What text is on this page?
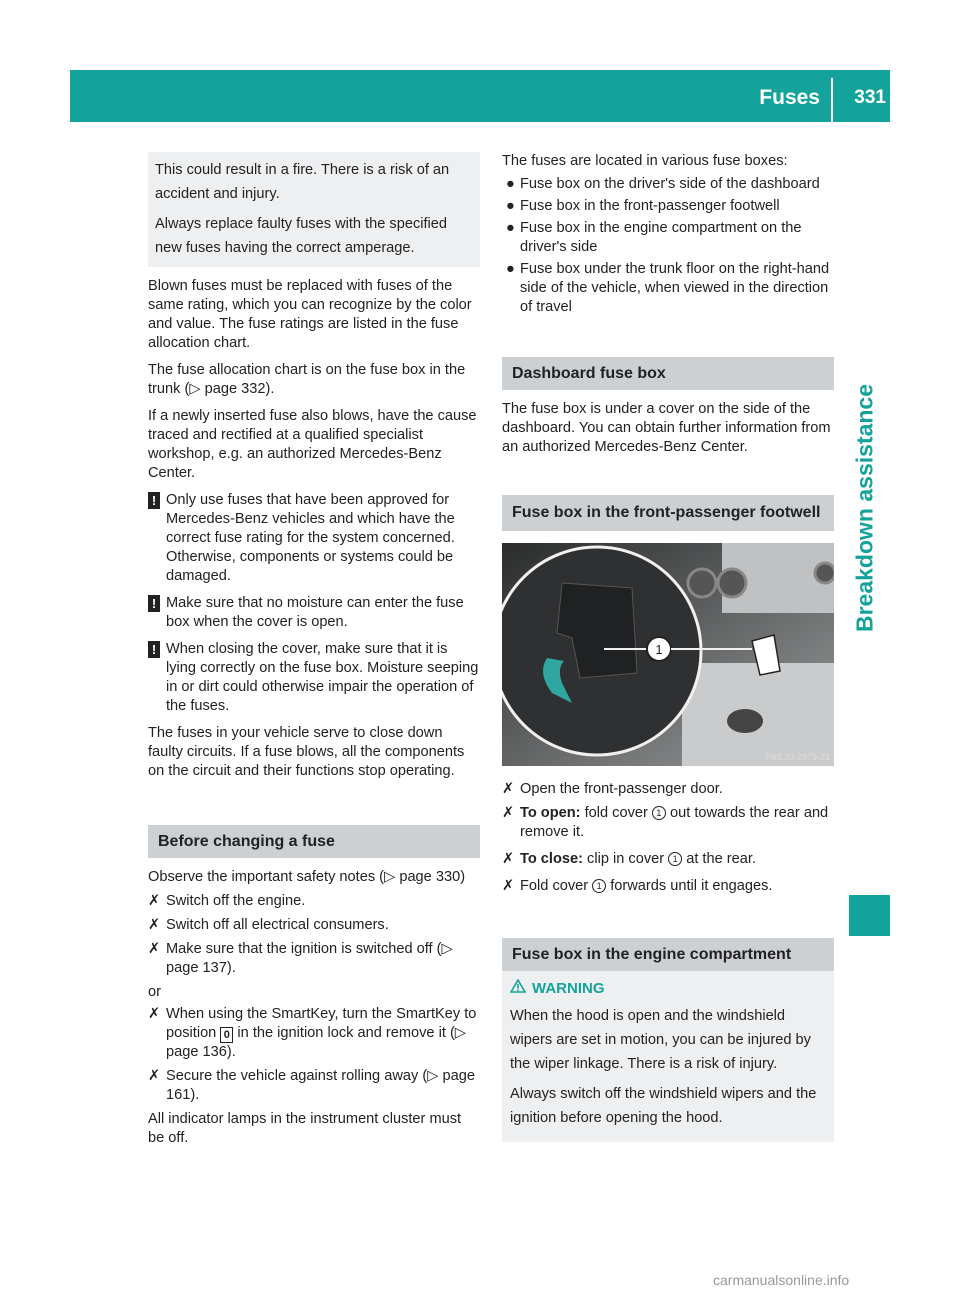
Fuses 331
Breakdown assistance

This could result in a fire. There is a risk of an accident and injury.

Always replace faulty fuses with the specified new fuses having the correct amperage.

Blown fuses must be replaced with fuses of the same rating, which you can recognize by the color and value. The fuse ratings are listed in the fuse allocation chart.

The fuse allocation chart is on the fuse box in the trunk (▷ page 332).

If a newly inserted fuse also blows, have the cause traced and rectified at a qualified specialist workshop, e.g. an authorized Mercedes-Benz Center.

! Only use fuses that have been approved for Mercedes-Benz vehicles and which have the correct fuse rating for the system concerned. Otherwise, components or systems could be damaged.
! Make sure that no moisture can enter the fuse box when the cover is open.
! When closing the cover, make sure that it is lying correctly on the fuse box. Moisture seeping in or dirt could otherwise impair the operation of the fuses.

The fuses in your vehicle serve to close down faulty circuits. If a fuse blows, all the components on the circuit and their functions stop operating.

Before changing a fuse

Observe the important safety notes (▷ page 330)

✗ Switch off the engine.
✗ Switch off all electrical consumers.
✗ Make sure that the ignition is switched off (▷ page 137).

or

✗ When using the SmartKey, turn the SmartKey to position 0 in the ignition lock and remove it (▷ page 136).
✗ Secure the vehicle against rolling away (▷ page 161).

All indicator lamps in the instrument cluster must be off.

The fuses are located in various fuse boxes:

● Fuse box on the driver's side of the dashboard
● Fuse box in the front-passenger footwell
● Fuse box in the engine compartment on the driver's side
● Fuse box under the trunk floor on the right-hand side of the vehicle, when viewed in the direction of travel
Dashboard fuse box

The fuse box is under a cover on the side of the dashboard. You can obtain further information from an authorized Mercedes-Benz Center.

Fuse box in the front-passenger footwell
1
P68.20-2979-31
✗ Open the front-passenger door.
✗ To open: fold cover 1 out towards the rear and remove it.
✗ To close: clip in cover 1 at the rear.
✗ Fold cover 1 forwards until it engages.
Fuse box in the engine compartment
WARNING

When the hood is open and the windshield wipers are set in motion, you can be injured by the wiper linkage. There is a risk of injury.

Always switch off the windshield wipers and the ignition before opening the hood.

carmanualsonline.info
